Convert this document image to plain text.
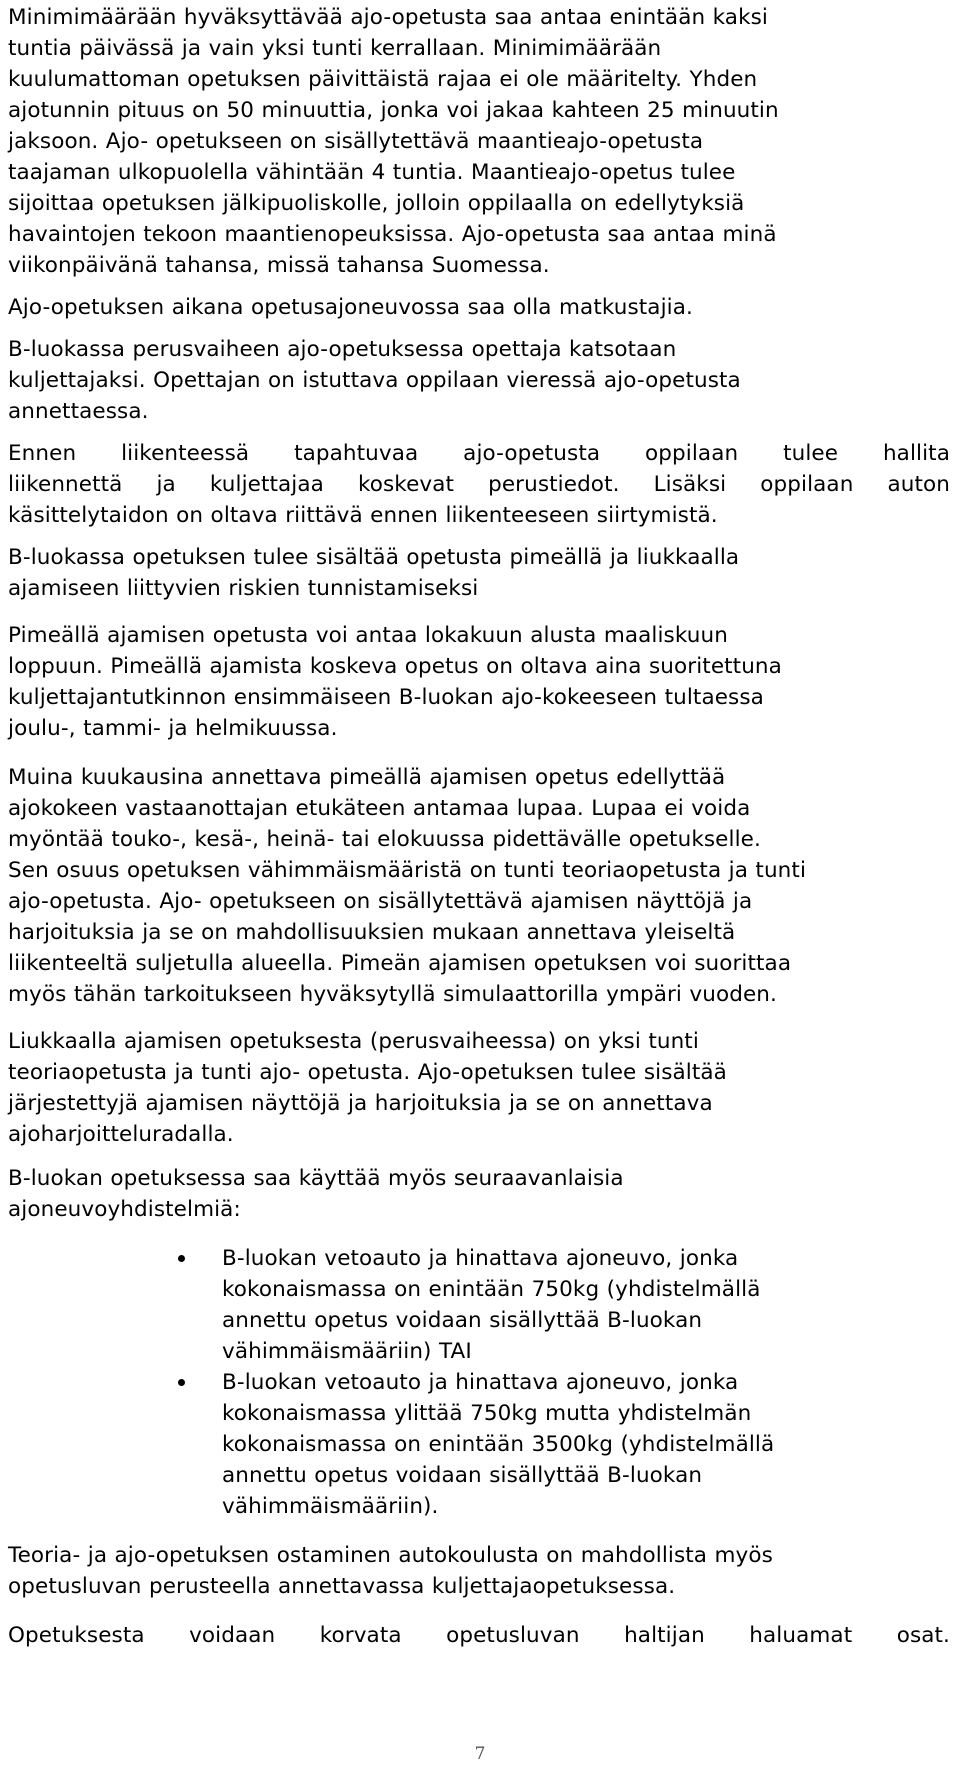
Minimimäärään hyväksyttävää ajo-opetusta saa antaa enintään kaksi
tuntia päivässä ja vain yksi tunti kerrallaan. Minimimäärään
kuulumattoman opetuksen päivittäistä rajaa ei ole määritelty. Yhden
ajotunnin pituus on 50 minuuttia, jonka voi jakaa kahteen 25 minuutin
jaksoon. Ajo- opetukseen on sisällytettävä maantieajo-opetusta
taajaman ulkopuolella vähintään 4 tuntia. Maantieajo-opetus tulee
sijoittaa opetuksen jälkipuoliskolle, jolloin oppilaalla on edellytyksiä
havaintojen tekoon maantienopeuksissa. Ajo-opetusta saa antaa minä
viikonpäivänä tahansa, missä tahansa Suomessa.

Ajo-opetuksen aikana opetusajoneuvossa saa olla matkustajia.

B-luokassa perusvaiheen ajo-opetuksessa opettaja katsotaan
kuljettajaksi. Opettajan on istuttava oppilaan vieressä ajo-opetusta
annettaessa.

Ennen liikenteessä tapahtuvaa ajo-opetusta oppilaan tulee hallita
liikennettä ja kuljettajaa koskevat perustiedot. Lisäksi oppilaan auton
käsittelytaidon on oltava riittävä ennen liikenteeseen siirtymistä.

B-luokassa opetuksen tulee sisältää opetusta pimeällä ja liukkaalla
ajamiseen liittyvien riskien tunnistamiseksi

Pimeällä ajamisen opetusta voi antaa lokakuun alusta maaliskuun
loppuun. Pimeällä ajamista koskeva opetus on oltava aina suoritettuna
kuljettajantutkinnon ensimmäiseen B-luokan ajo-kokeeseen tultaessa
joulu-, tammi- ja helmikuussa.

Muina kuukausina annettava pimeällä ajamisen opetus edellyttää
ajokokeen vastaanottajan etukäteen antamaa lupaa. Lupaa ei voida
myöntää touko-, kesä-, heinä- tai elokuussa pidettävälle opetukselle.
Sen osuus opetuksen vähimmäismääristä on tunti teoriaopetusta ja tunti
ajo-opetusta. Ajo- opetukseen on sisällytettävä ajamisen näyttöjä ja
harjoituksia ja se on mahdollisuuksien mukaan annettava yleiseltä
liikenteeltä suljetulla alueella. Pimeän ajamisen opetuksen voi suorittaa
myös tähän tarkoitukseen hyväksytyllä simulaattorilla ympäri vuoden.

Liukkaalla ajamisen opetuksesta (perusvaiheessa) on yksi tunti
teoriaopetusta ja tunti ajo- opetusta. Ajo-opetuksen tulee sisältää
järjestettyjä ajamisen näyttöjä ja harjoituksia ja se on annettava
ajoharjoitteluradalla.

B-luokan opetuksessa saa käyttää myös seuraavanlaisia
ajoneuvoyhdistelmiä:

B-luokan vetoauto ja hinattava ajoneuvo, jonka
kokonaismassa on enintään 750kg (yhdistelmällä
annettu opetus voidaan sisällyttää B-luokan
vähimmäismääriin) TAI
B-luokan vetoauto ja hinattava ajoneuvo, jonka
kokonaismassa ylittää 750kg mutta yhdistelmän
kokonaismassa on enintään 3500kg (yhdistelmällä
annettu opetus voidaan sisällyttää B-luokan
vähimmäismääriin).

Teoria- ja ajo-opetuksen ostaminen autokoulusta on mahdollista myös
opetusluvan perusteella annettavassa kuljettajaopetuksessa.

Opetuksesta voidaan korvata opetusluvan haltijan haluamat osat.

7
